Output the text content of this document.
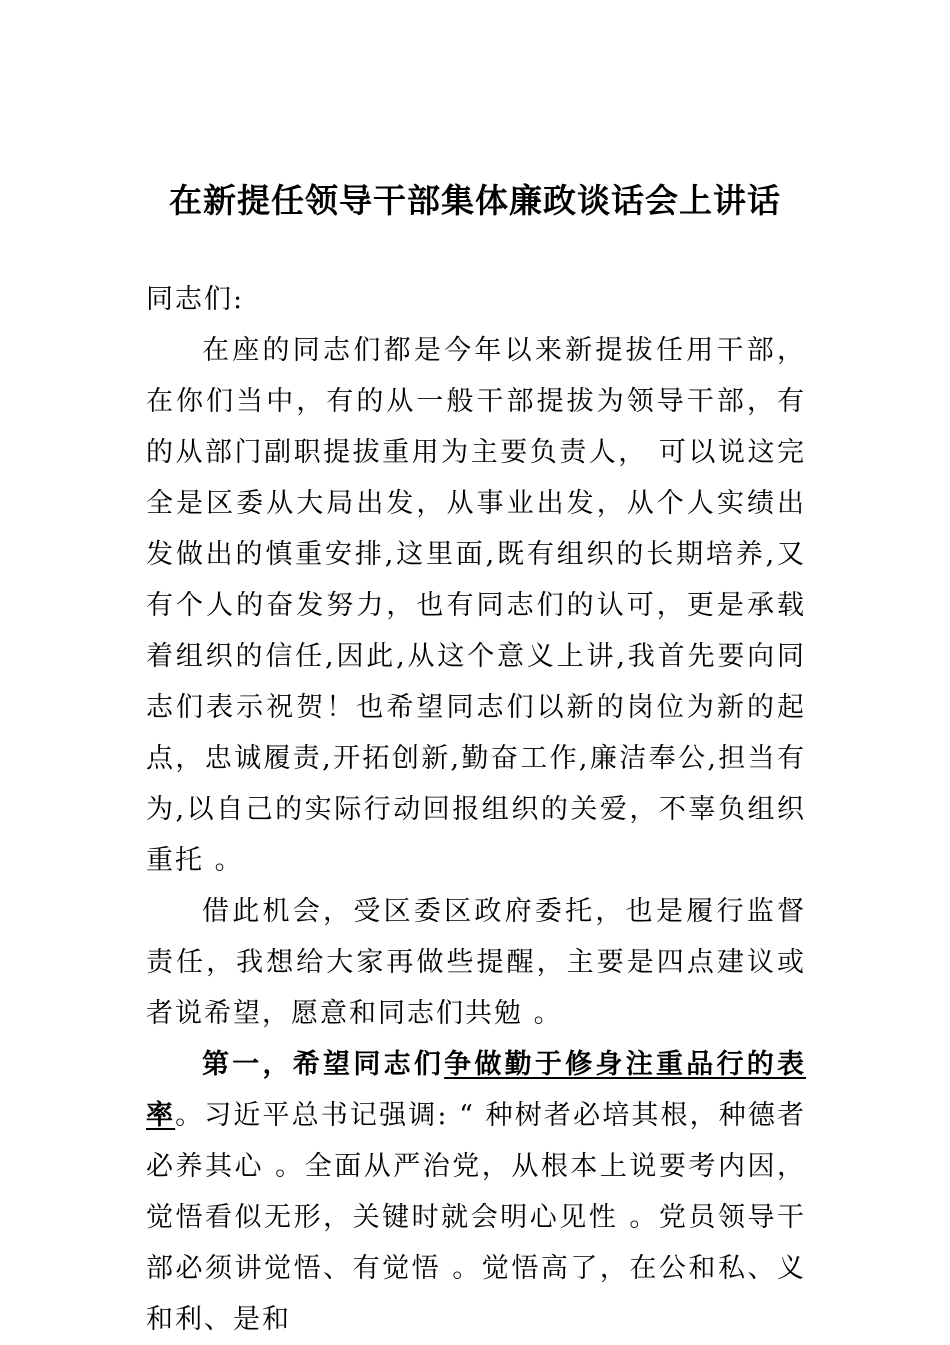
在新提任领导干部集体廉政谈话会上讲话

同志们:

在座的同志们都是今年以来新提拔任用干部，在你们当中，有的从一般干部提拔为领导干部，有的从部门副职提拔重用为主要负责人， 可以说这完全是区委从大局出发，从事业出发，从个人实绩出发做出的慎重安排,这里面,既有组织的长期培养,又有个人的奋发努力，也有同志们的认可，更是承载着组织的信任,因此,从这个意义上讲,我首先要向同志们表示祝贺！也希望同志们以新的岗位为新的起点，忠诚履责,开拓创新,勤奋工作,廉洁奉公,担当有为,以自己的实际行动回报组织的关爱，不辜负组织重托 。

借此机会，受区委区政府委托，也是履行监督责任，我想给大家再做些提醒，主要是四点建议或者说希望，愿意和同志们共勉 。

第一，希望同志们争做勤于修身注重品行的表率。习近平总书记强调: “ 种树者必培其根，种德者必养其心 。全面从严治党，从根本上说要考内因，觉悟看似无形，关键时就会明心见性 。党员领导干部必须讲觉悟、有觉悟 。觉悟高了，在公和私、义和利、是和
